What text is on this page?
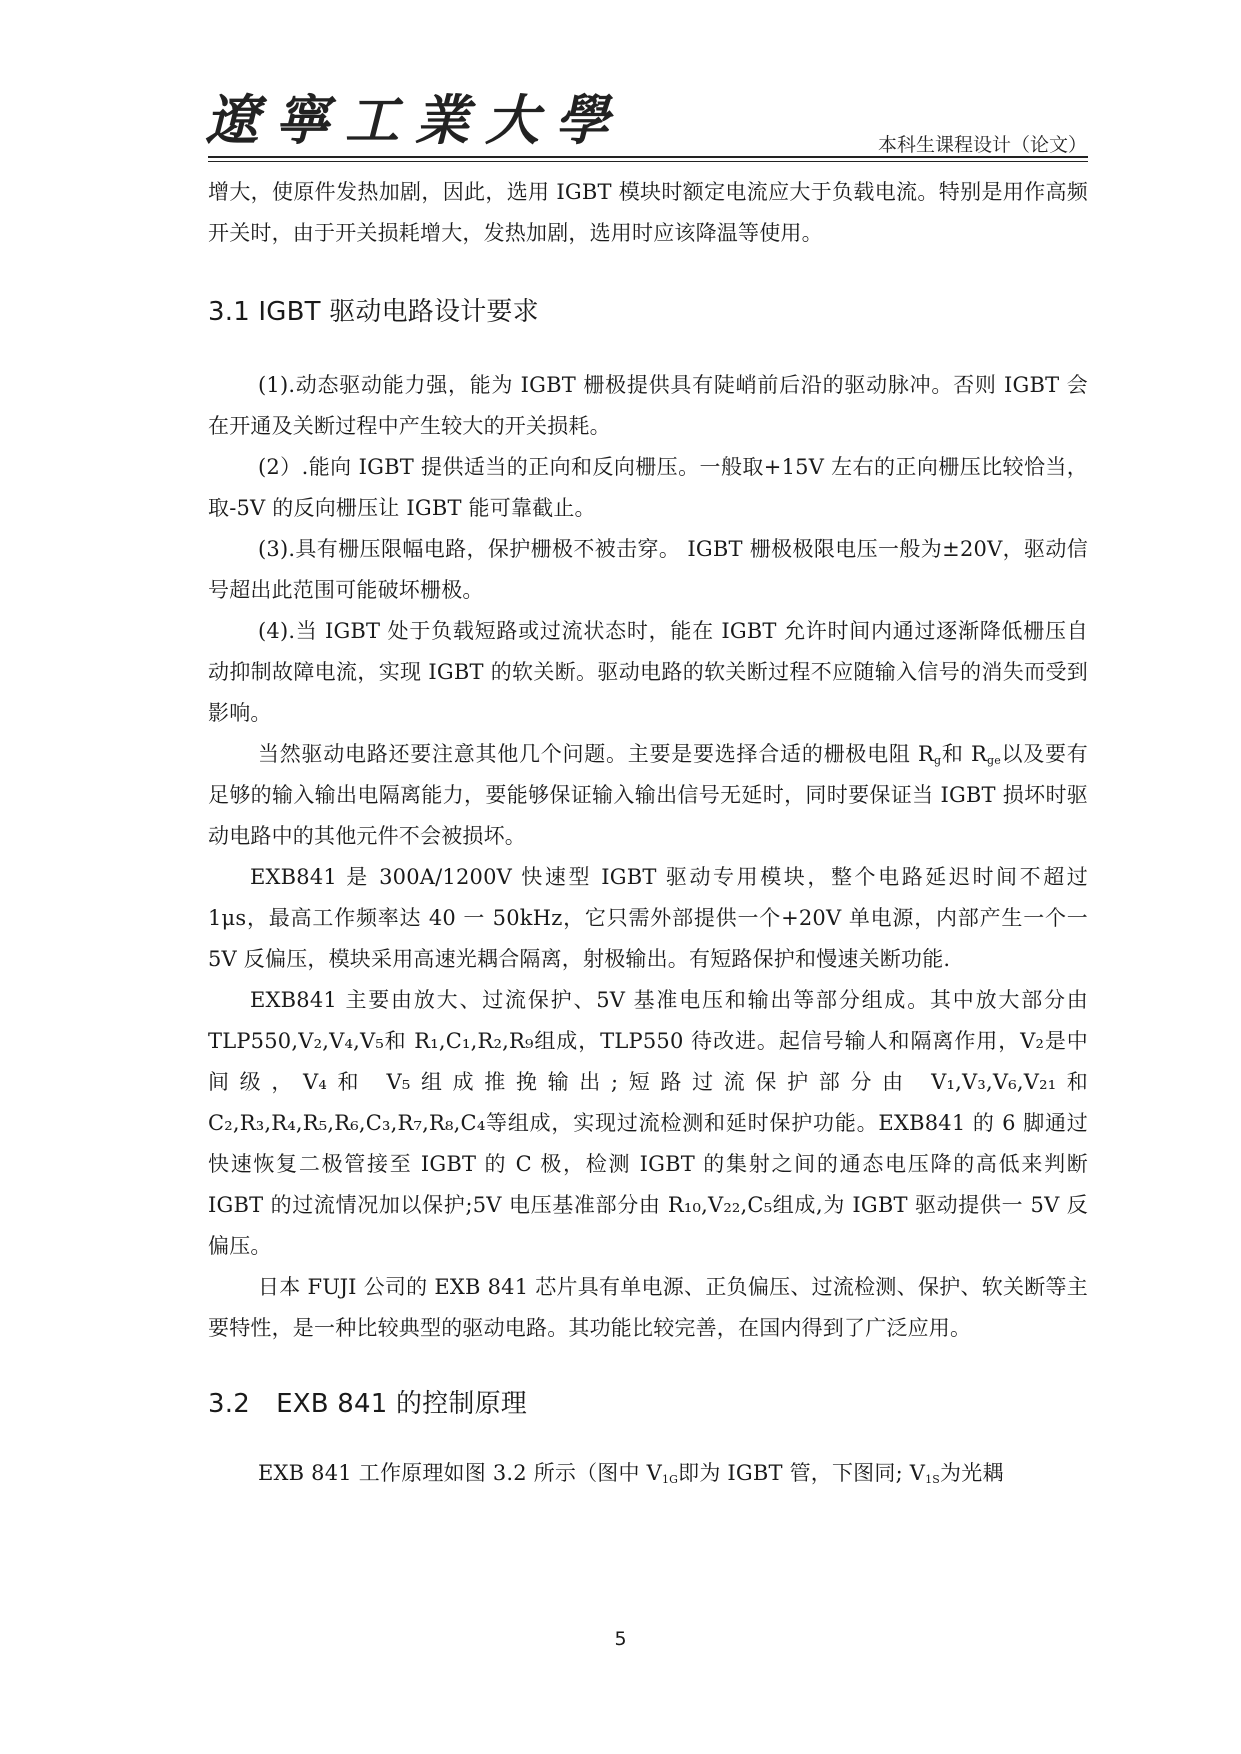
遼寧工業大學	本科生课程设计（论文）

增大，使原件发热加剧，因此，选用 IGBT 模块时额定电流应大于负载电流。特别是用作高频开关时，由于开关损耗增大，发热加剧，选用时应该降温等使用。

3.1 IGBT 驱动电路设计要求

(1).动态驱动能力强，能为 IGBT 栅极提供具有陡峭前后沿的驱动脉冲。否则 IGBT 会在开通及关断过程中产生较大的开关损耗。

(2）.能向 IGBT 提供适当的正向和反向栅压。一般取+15V 左右的正向栅压比较恰当，取-5V 的反向栅压让 IGBT 能可靠截止。

(3).具有栅压限幅电路，保护栅极不被击穿。 IGBT 栅极极限电压一般为±20V，驱动信号超出此范围可能破坏栅极。

(4).当 IGBT 处于负载短路或过流状态时，能在 IGBT 允许时间内通过逐渐降低栅压自动抑制故障电流，实现 IGBT 的软关断。驱动电路的软关断过程不应随输入信号的消失而受到影响。

当然驱动电路还要注意其他几个问题。主要是要选择合适的栅极电阻 $R_g$和 $R_{ge}$以及要有足够的输入输出电隔离能力，要能够保证输入输出信号无延时，同时要保证当 IGBT 损坏时驱动电路中的其他元件不会被损坏。

EXB841 是 300A/1200V 快速型 IGBT 驱动专用模块，整个电路延迟时间不超过 1μs，最高工作频率达 40 一 50kHz，它只需外部提供一个+20V 单电源，内部产生一个一 5V 反偏压，模块采用高速光耦合隔离，射极输出。有短路保护和慢速关断功能.

EXB841 主要由放大、过流保护、5V 基准电压和输出等部分组成。其中放大部分由 TLP550,V₂,V₄,V₅和 R₁,C₁,R₂,R₉组成，TLP550 待改进。起信号输人和隔离作用，V₂是中间级，V₄和 V₅组成推挽输出;短路过流保护部分由 V₁,V₃,V₆,V₂₁和 C₂,R₃,R₄,R₅,R₆,C₃,R₇,R₈,C₄等组成，实现过流检测和延时保护功能。EXB841 的 6 脚通过快速恢复二极管接至 IGBT 的 C 极，检测 IGBT 的集射之间的通态电压降的高低来判断 IGBT 的过流情况加以保护;5V 电压基准部分由 R₁₀,V₂₂,C₅组成,为 IGBT 驱动提供一 5V 反偏压。

日本 FUJI 公司的 EXB 841 芯片具有单电源、正负偏压、过流检测、保护、软关断等主要特性，是一种比较典型的驱动电路。其功能比较完善，在国内得到了广泛应用。

3.2　EXB 841 的控制原理

EXB 841 工作原理如图 3.2 所示（图中 $V_{1G}$即为 IGBT 管，下图同; $V_{1S}$为光耦

5
